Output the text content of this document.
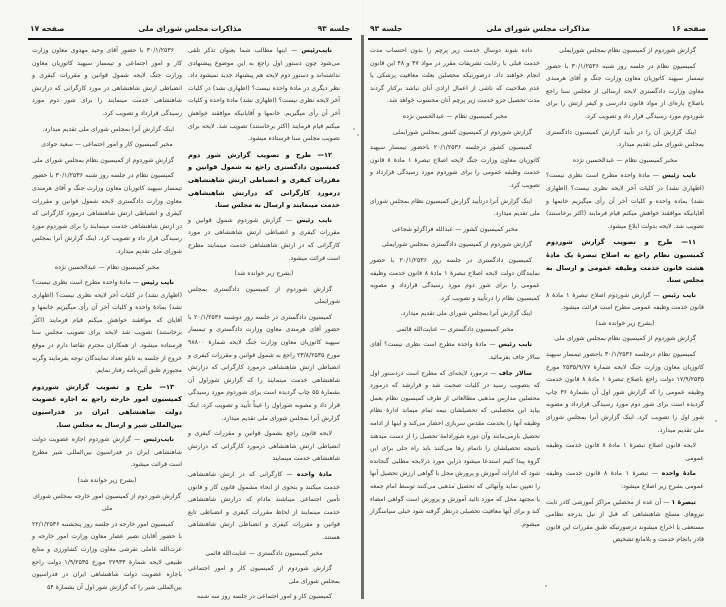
جلسه ۹۳
مذاکرات مجلس شورای ملی
صفحه ۱۷
نایب‌رئیس — اینها مطالب شما بعنوان تذکر تلقی می‌شود چون دستور اول راجع به این موضوع پیشنهادی نداشته‌اند و دستور دوم لایحه هم پیشنهاد جدید نمیشود داد. نظر دیگری در مادهٔ واحده نیست؟ (اظهاری نشد) در کلیات آخر لایحه نظری نیست؟ (اظهاری نشد) مادهٔ واحده و کلیات آخر آن رأی میگیریم. خانمها و آقایانیکه موافقند خواهش میکنم قیام فرمایند (اکثر برخاستند) تصویب شد. لایحه برای تصویب مجلس سنا فرستاده میشود.
۱۲— طرح و تصویب گزارش شور دوم کمیسیون دادگستری راجع به شمول قوانین و مقررات کیفری و انضباطی ارتش شاهنشاهی درمورد کارگرانی که درارتش شاهنشاهی خدمت مینمایند و ارسال به مجلس سنا.
نایب رئیس — گزارش شوردوم شمول قوانین و مقررات کیفری و انضباطی ارتش شاهنشاهی در مورد کارگرانی که در ارتش شاهنشاهی خدمت مینمایند مطرح است قرائت میشود.
(بشرح زیر خوانده شد)
گزارش شوردوم از کمیسیون دادگستری بمجلس شورایملی
کمیسیون دادگستری در جلسه روز دوشنبه ۲۰/۱/۲۵۳۶ با حضور آقای هرمندی معاون وزارت دادگستری و تیمسار سپهبد کاتوزیان معاون وزارت جنگ لایحه شمارهٔ ۹۸۸۰۰ مورخ ۲۳/۸/۲۵۳۵ راجع به شمول قوانین و مقررات کیفری و انضباطی ارتش شاهنشاهی درمورد کارگرانی که درارتش شاهنشاهی خدمت مینمایند را که گزارش شوراول آن بشمارهٔ ۵۵ چاپ گردیده است برای شوردوم مورد رسیدگی قرار داد و مصوبه شوراول را عیناً تأیید و تصویب کرد. اینک گزارش آنرا بمجلس شورای ملی تقدیم میدارد.
لایحه قانون راجع بشمول قوانین و مقررات کیفری و انضباطی ارتش شاهنشاهی درمورد کارگرانی که درارتش شاهنشاهی خدمت مینمایند
مادهٔ واحده — کارگرانی که در ارتش شاهنشاهی خدمت میکنند و بنحوی از انحاء مشمول قانون کار و قانون تأمین اجتماعی میباشند مادام که درارتش شاهنشاهی خدمت مینمایند از لحاظ مقررات کیفری و انضباطی تابع قوانین و مقررات کیفری و انضباطی ارتش شاهنشاهی هستند.
مخبر کمیسیون دادگستری — عنایت‌الله قائمی
گزارش شوردوم از کمیسیون کار و امور اجتماعی بمجلس شورای ملی
کمیسیون کار و امور اجتماعی در جلسه روز سه شنبه
۳۰/۱/۲۵۳۶ با حضور آقای وحید مهدوی معاون وزارت کار و امور اجتماعی و تیمسار سپهبد کاتوزیان معاون وزارت جنگ لایحه شمول قوانین و مقررات کیفری و انضباطی ارتش شاهنشاهی در مورد کارگرانی که درارتش شاهنشاهی خدمت مینمایند را برای شور دوم مورد رسیدگی قرارداد و تصویب کرد.
اینک گزارش آنرا بمجلس شورای ملی تقدیم میدارد.
مخبر کمیسیون کار و امور اجتماعی — سعید جوادی
گزارش شوردوم از کمیسیون نظام بمجلس شورای ملی
کمیسیون نظام در جلسه روز شنبه ۳۰/۱/۲۵۳۶ با حضور تیمسار سپهبد کاتوزیان معاون وزارت جنگ و آقای هرمندی معاون وزارت دادگستری لایحه شمول قوانین و مقررات کیفری و انضباطی ارتش شاهنشاهی درمورد کارگرانی که در ارتش شاهنشاهی خدمت مینمایند را برای شوردوم مورد رسیدگی قرار داد و تصویب کرد. اینک گزارش آنرا بمجلس شورای ملی تقدیم میدارد.
مخبر کمیسیون نظام — عبدالحسین نژده
نایب رئیس — مادهٔ واحده مطرح است نظری نیست؟ (اظهاری نشد) در کلیات آخر لایحه نظری نیست؟ (اظهاری نشد) بمادهٔ واحده و کلیات آخر آن رأی میگیریم خانمها و آقایان که موافقند خواهش میکنم قیام فرمایند (اکثر برخاستند) تصویب شد لایحه برای تصویب مجلس سنا فرستاده میشود. از همکاران محترم تقاضا دارم در موقع خروج از جلسه به تابلو تعداد نمایندگان توجه بفرمایند وگرنه مجبورم طبق آئین‌نامه رفتار نمایم.
۱۳— طرح و تصویب گزارش شوردوم کمیسیون امور خارجه راجع به اجازه عضویت دولت شاهنشاهی ایران در فدراسیون بین‌المللی شیر و ارسال به مجلس سنا.
نایب‌رئیس — گزارش شوردوم اجازه عضویت دولت شاهنشاهی ایران در فدراسیون بین‌المللی شیر مطرح است قرائت میشود.
(بشرح زیر خوانده شد)
گزارش شور دوم از کمیسیون امور خارجه بمجلس شورای ملی
کمیسیون امور خارجه در جلسه روز پنجشنبه ۲۲/۱/۲۵۳۶ با حضور آقایان نصیر عصار معاون وزارت امور خارجه و عزت‌الله عاملی تفرشی معاون وزارت کشاورزی و منابع طبیعی لایحه شمارهٔ ۲۷۹۳۳ مورخ ۱/۹/۲۵۳۵ دولت راجع باجازه عضویت دولت شاهنشاهی ایران در فدراسیون بین‌المللی شیر را که گزارش شور اول آن بشمارهٔ ۵۴
صفحه ۱۶
مذاکرات مجلس شورای ملی
جلسه ۹۳
گزارش شوردوم از کمیسیون نظام بمجلس شورایملی
کمیسیون نظام در جلسه روز شنبه ۳۰/۱/۲۵۳۶ با حضور تیمسار سپهبد کاتوزیان معاون وزارت جنگ و آقای هرمندی معاون وزارت دادگستری لایحه ارسالی از مجلس سنا راجع باصلاح پاره‌ای از مواد قانون دادرسی و کیفر ارتش را برای شوردوم مورد رسیدگی قرار داد و تصویب کرد.
اینک گزارش آن را در تأیید گزارش کمیسیون دادگستری بمجلس شورای ملی تقدیم میدارد.
مخبر کمیسیون نظام — عبدالحسین نژده
نایب رئیس — مادهٔ واحده مطرح است نظری نیست؟ (اظهاری نشد) در کلیات آخر لایحه نظری نیست؟ (اظهاری نشد) بماده واحده و کلیات آخر آن رأی میگیریم خانمها و آقایانیکه موافقند خواهش میکنم قیام فرمایند (اکثر برخاستند) تصویب شد. لایحه بدولت ابلاغ میشود.
۱۱— طرح و تصویب گزارش شوردوم کمیسیون نظام راجع به اصلاح تبصرهٔ یک مادهٔ هشت قانون خدمت وظیفه عمومی و ارسال به مجلس سنا.
نایب رئیس — گزارش شوردوم اصلاح تبصرهٔ ۱ مادهٔ ۸ قانون خدمت وظیفه عمومی مطرح است قرائت میشود.
(بشرح زیر خوانده شد)
گزارش شوردوم از کمیسیون نظام بمجلس شورای ملی
کمیسیون نظام درجلسه ۳۰/۱/۲۵۳۶ باحضور تیمسار سپهبد کاتوزیان معاون وزارت جنگ لایحه شمارهٔ ۲۵۳۵/۹/۷۷ مورخ ۱۷/۹/۲۵۳۵ دولت راجع باصلاح تبصرهٔ ۱ مادهٔ ۸ قانون خدمت وظیفه عمومی را که گزارش شور اول آن بشمارهٔ ۳۶ چاپ گردیده است برای شور دوم مورد رسیدگی قرارداد و مصوبه شور اول را تصویب کرد. اینک گزارش آنرا بمجلس شورای ملی تقدیم میدارد.
لایحه قانون اصلاح تبصرهٔ ۱ مادهٔ ۸ قانون خدمت وظیفه عمومی
مادهٔ واحده — تبصرهٔ ۱ مادهٔ ۸ قانون خدمت وظیفه عمومی بشرح زیر اصلاح میشود:
تبصرهٔ ۱ — آن عده از محصلین مراکز آموزشی کادر ثابت نیروهای مسلح شاهنشاهی که قبل از نیل بدرجه نظامی مستعفی یا اخراج میشوند درصورتیکه طبق مقررات این قانون قادر بانجام خدمت و بلامانع تشخیص
داده شوند دوسال خدمت زیر پرچم را بدون احتساب مدت خدمت قبلی با رعایت تشریفات مقرر در مواد ۴۷ و ۴۸ این قانون انجام خواهند داد. درصورتیکه محصلین بعلت معافیت پزشکی یا عدم صلاحیت که ناشی از اعمال ارادی آنان نباشد برکنار گردند مدت تحصیل جزو خدمت زیر پرچم آنان محسوب خواهد شد.
مخبر کمیسیون نظام — عبدالحسین نژده
گزارش شوردوم از کمیسیون کشور بمجلس شورایملی
کمیسیون کشور درجلسه ۲۰/۱/۲۵۳۶ باحضور تیمسار سپهبد کاتوزیان معاون وزارت جنگ لایحه اصلاح تبصرهٔ ۱ مادهٔ ۸ قانون خدمت وظیفه عمومی را برای شوردوم مورد رسیدگی قرارداد و تصویب کرد.
اینک گزارش آنرا درتأیید گزارش کمیسیون نظام بمجلس شورای ملی تقدیم میدارد.
مخبر کمیسیون کشور — عبدالله فراگزلو شجاعی
گزارش شوردوم از کمیسیون دادگستری بمجلس شورایملی
کمیسیون دادگستری در جلسه روز ۲۰/۱/۲۵۳۶ با حضور نمایندگان دولت لایحه اصلاح تبصرهٔ ۱ مادهٔ ۸ قانون خدمت وظیفه عمومی را برای شور دوم مورد رسیدگی قرارداد و مصوبه کمیسیون نظام را درتأیید و تصویب کرد.
اینک گزارش آنرا بمجلس شورای ملی تقدیم میدارد.
مخبر کمیسیون دادگستری — عنایت‌الله قائمی
نایب رئیس — مادهٔ واحده مطرح است نظری نیست؟ آقای سالار جاف بفرمائید.
سالار جاف — درمورد لایحه‌ای که مطرح است دردستور اول که بتصویب رسید در کلیات صحبت شد و قرارشد که درمورد محصلین مدارس مذهبی مطالعاتی از طرف کمیسیون نظام بعمل بیاید این محصلینی که تحصیلشان نیمه تمام میماند ادارهٔ نظام وظیفه آنها را بخدمت مقدس سربازی احضار می‌کند و اینها از ادامه تحصیل بازمی‌مانند وآن دوره شورادامهٔ تحصیل را از دست میدهند بانتیجه تحصیلشان را ناتمام رها می‌کنند باید راه حلی برای این گروه پیدا کنیم استدعا میشود دراین مورد درلایحه مطلبی گنجانده شود که ادارات آموزش و پرورش محل با گواهی ارزش تحصیل آنها را تعیین نماید وآنهائی که تحصیل مذهبی می‌کنند توسط امام جمعه یا مجتهد محل که مورد تائید آموزش و پرورش است گواهی امضاء کند و برای آنها معافیت تحصیلی درنظر گرفته شود خیلی سپاسگزار میشوم.
